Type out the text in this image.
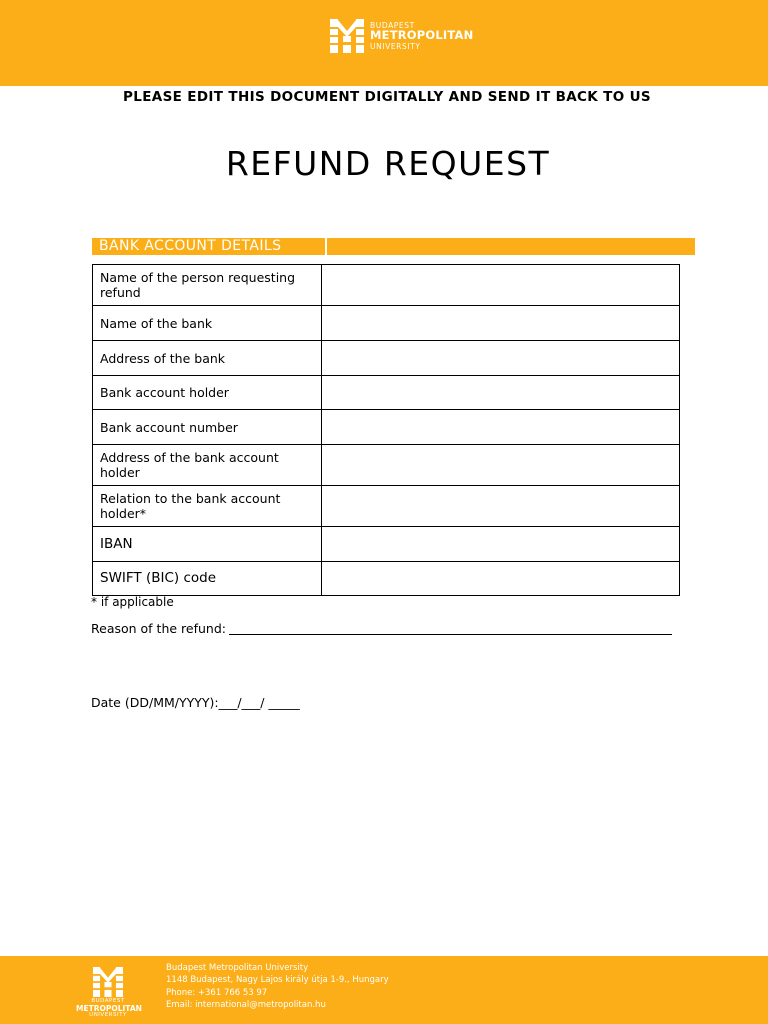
BUDAPEST
METROPOLITAN
UNIVERSITY
PLEASE EDIT THIS DOCUMENT DIGITALLY AND SEND IT BACK TO US
REFUND REQUEST
BANK ACCOUNT DETAILS
Name of the person requesting refund	
Name of the bank	
Address of the bank	
Bank account holder	
Bank account number	
Address of the bank account holder	
Relation to the bank account holder*	
IBAN	
SWIFT (BIC) code	
* if applicable
Reason of the refund:
Date (DD/MM/YYYY):___/___/ _____
BUDAPEST
METROPOLITAN
UNIVERSITY
Budapest Metropolitan University
1148 Budapest, Nagy Lajos király útja 1-9., Hungary
Phone: +361 766 53 97
Email: international@metropolitan.hu
